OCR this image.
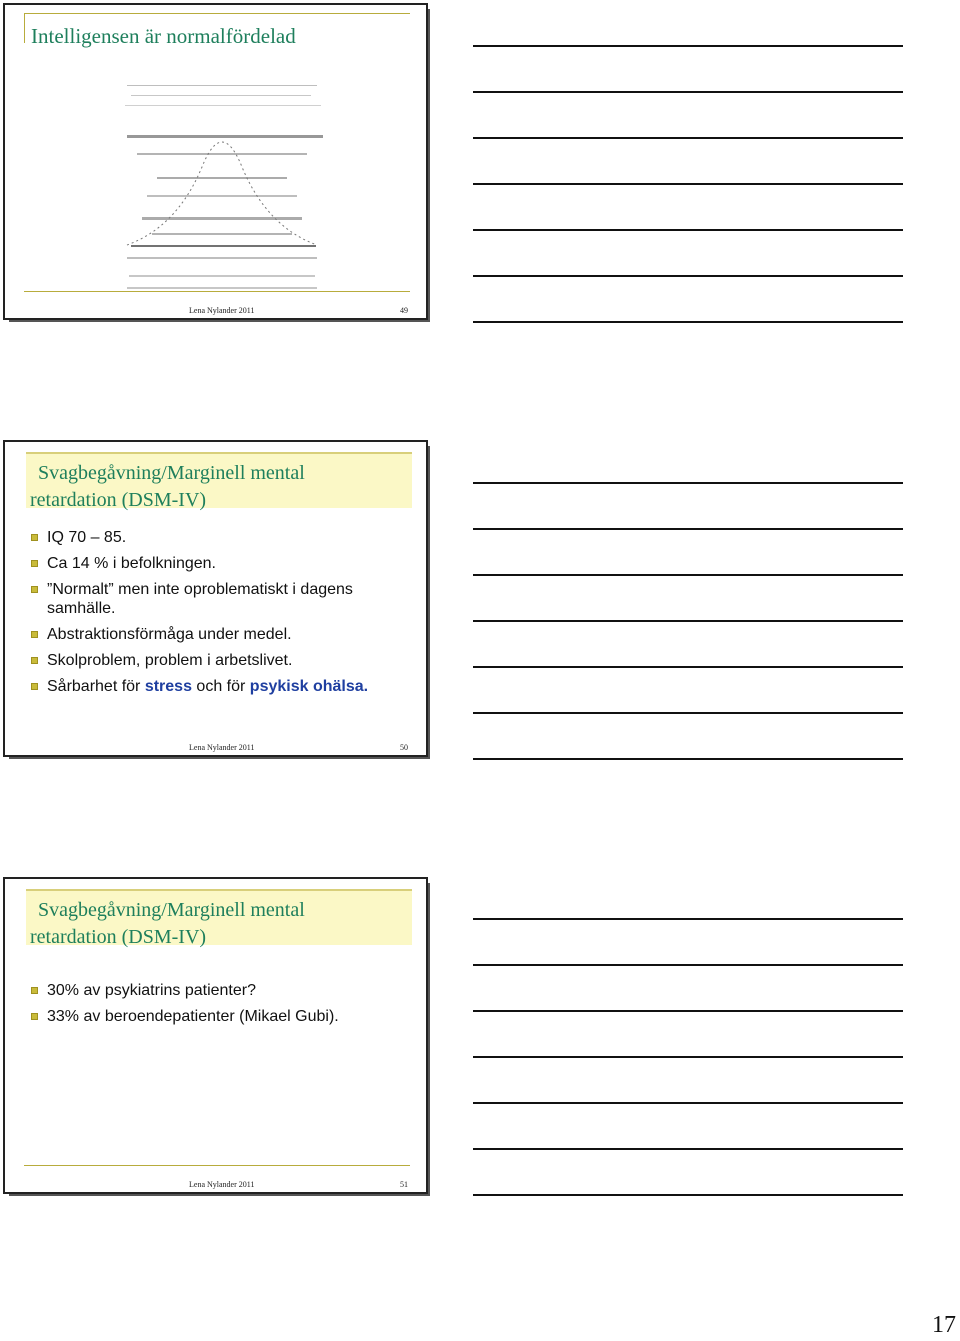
Intelligensen är normalfördelad
Lena Nylander 2011	49
Svagbegåvning/Marginell mental
retardation (DSM-IV)
IQ 70 – 85.
Ca 14 % i befolkningen.
”Normalt” men inte oproblematiskt i dagens samhälle.
Abstraktionsförmåga under medel.
Skolproblem, problem i arbetslivet.
Sårbarhet för stress och för psykisk ohälsa.
Lena Nylander 2011	50
Svagbegåvning/Marginell mental
retardation (DSM-IV)
30% av psykiatrins patienter?
33% av beroendepatienter (Mikael Gubi).
Lena Nylander 2011	51
17
